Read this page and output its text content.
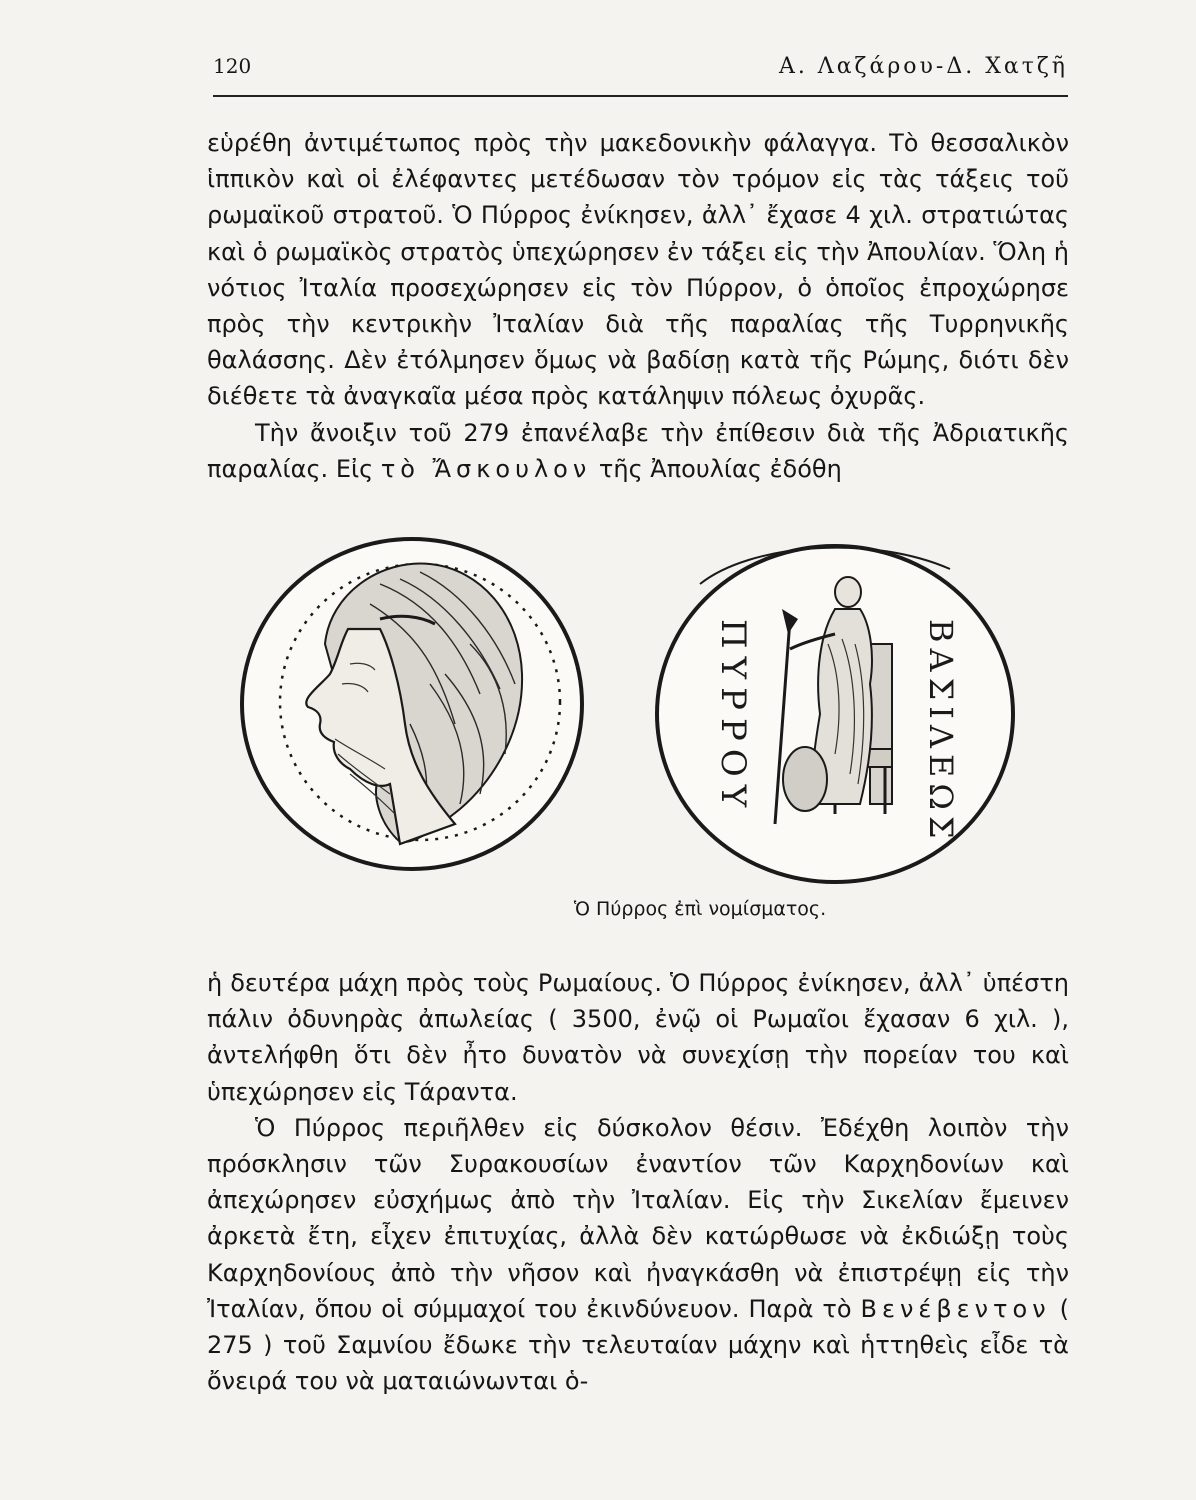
120	Α. Λαζάρου-Δ. Χατζῆ

εὑρέθη ἀντιμέτωπος πρὸς τὴν μακεδονικὴν φάλαγγα. Τὸ θεσσαλικὸν ἱππικὸν καὶ οἱ ἐλέφαντες μετέδωσαν τὸν τρόμον εἰς τὰς τάξεις τοῦ ρωμαϊκοῦ στρατοῦ. Ὁ Πύρρος ἐνίκησεν, ἀλλ᾿ ἔχασε 4 χιλ. στρατιώτας καὶ ὁ ρωμαϊκὸς στρατὸς ὑπεχώρησεν ἐν τάξει εἰς τὴν Ἀπουλίαν. Ὅλη ἡ νότιος Ἰταλία προσεχώρησεν εἰς τὸν Πύρρον, ὁ ὁποῖος ἐπροχώρησε πρὸς τὴν κεντρικὴν Ἰταλίαν διὰ τῆς παραλίας τῆς Τυρρηνικῆς θαλάσσης. Δὲν ἐτόλμησεν ὅμως νὰ βαδίσῃ κατὰ τῆς Ρώμης, διότι δὲν διέθετε τὰ ἀναγκαῖα μέσα πρὸς κατάληψιν πόλεως ὀχυρᾶς.

Τὴν ἄνοιξιν τοῦ 279 ἐπανέλαβε τὴν ἐπίθεσιν διὰ τῆς Ἀδριατικῆς παραλίας. Εἰς τὸ Ἄσκουλον τῆς Ἀπουλίας ἐδόθη

ΠΥΡΡΟΥ	ΒΑΣΙΛΕΩΣ
Ὁ Πύρρος ἐπὶ νομίσματος.

ἡ δευτέρα μάχη πρὸς τοὺς Ρωμαίους. Ὁ Πύρρος ἐνίκησεν, ἀλλ᾿ ὑπέστη πάλιν ὀδυνηρὰς ἀπωλείας ( 3500, ἐνῷ οἱ Ρωμαῖοι ἔχασαν 6 χιλ. ), ἀντελήφθη ὅτι δὲν ἦτο δυνατὸν νὰ συνεχίσῃ τὴν πορείαν του καὶ ὑπεχώρησεν εἰς Τάραντα.

Ὁ Πύρρος περιῆλθεν εἰς δύσκολον θέσιν. Ἐδέχθη λοιπὸν τὴν πρόσκλησιν τῶν Συρακουσίων ἐναντίον τῶν Καρχηδονίων καὶ ἀπεχώρησεν εὐσχήμως ἀπὸ τὴν Ἰταλίαν. Εἰς τὴν Σικελίαν ἔμεινεν ἀρκετὰ ἔτη, εἶχεν ἐπιτυχίας, ἀλλὰ δὲν κατώρθωσε νὰ ἐκδιώξῃ τοὺς Καρχηδονίους ἀπὸ τὴν νῆσον καὶ ἠναγκάσθη νὰ ἐπιστρέψῃ εἰς τὴν Ἰταλίαν, ὅπου οἱ σύμμαχοί του ἐκινδύνευον. Παρὰ τὸ Βενέβεντον ( 275 ) τοῦ Σαμνίου ἔδωκε τὴν τελευταίαν μάχην καὶ ἡττηθεὶς εἶδε τὰ ὄνειρά του νὰ ματαιώνωνται ὁ-
